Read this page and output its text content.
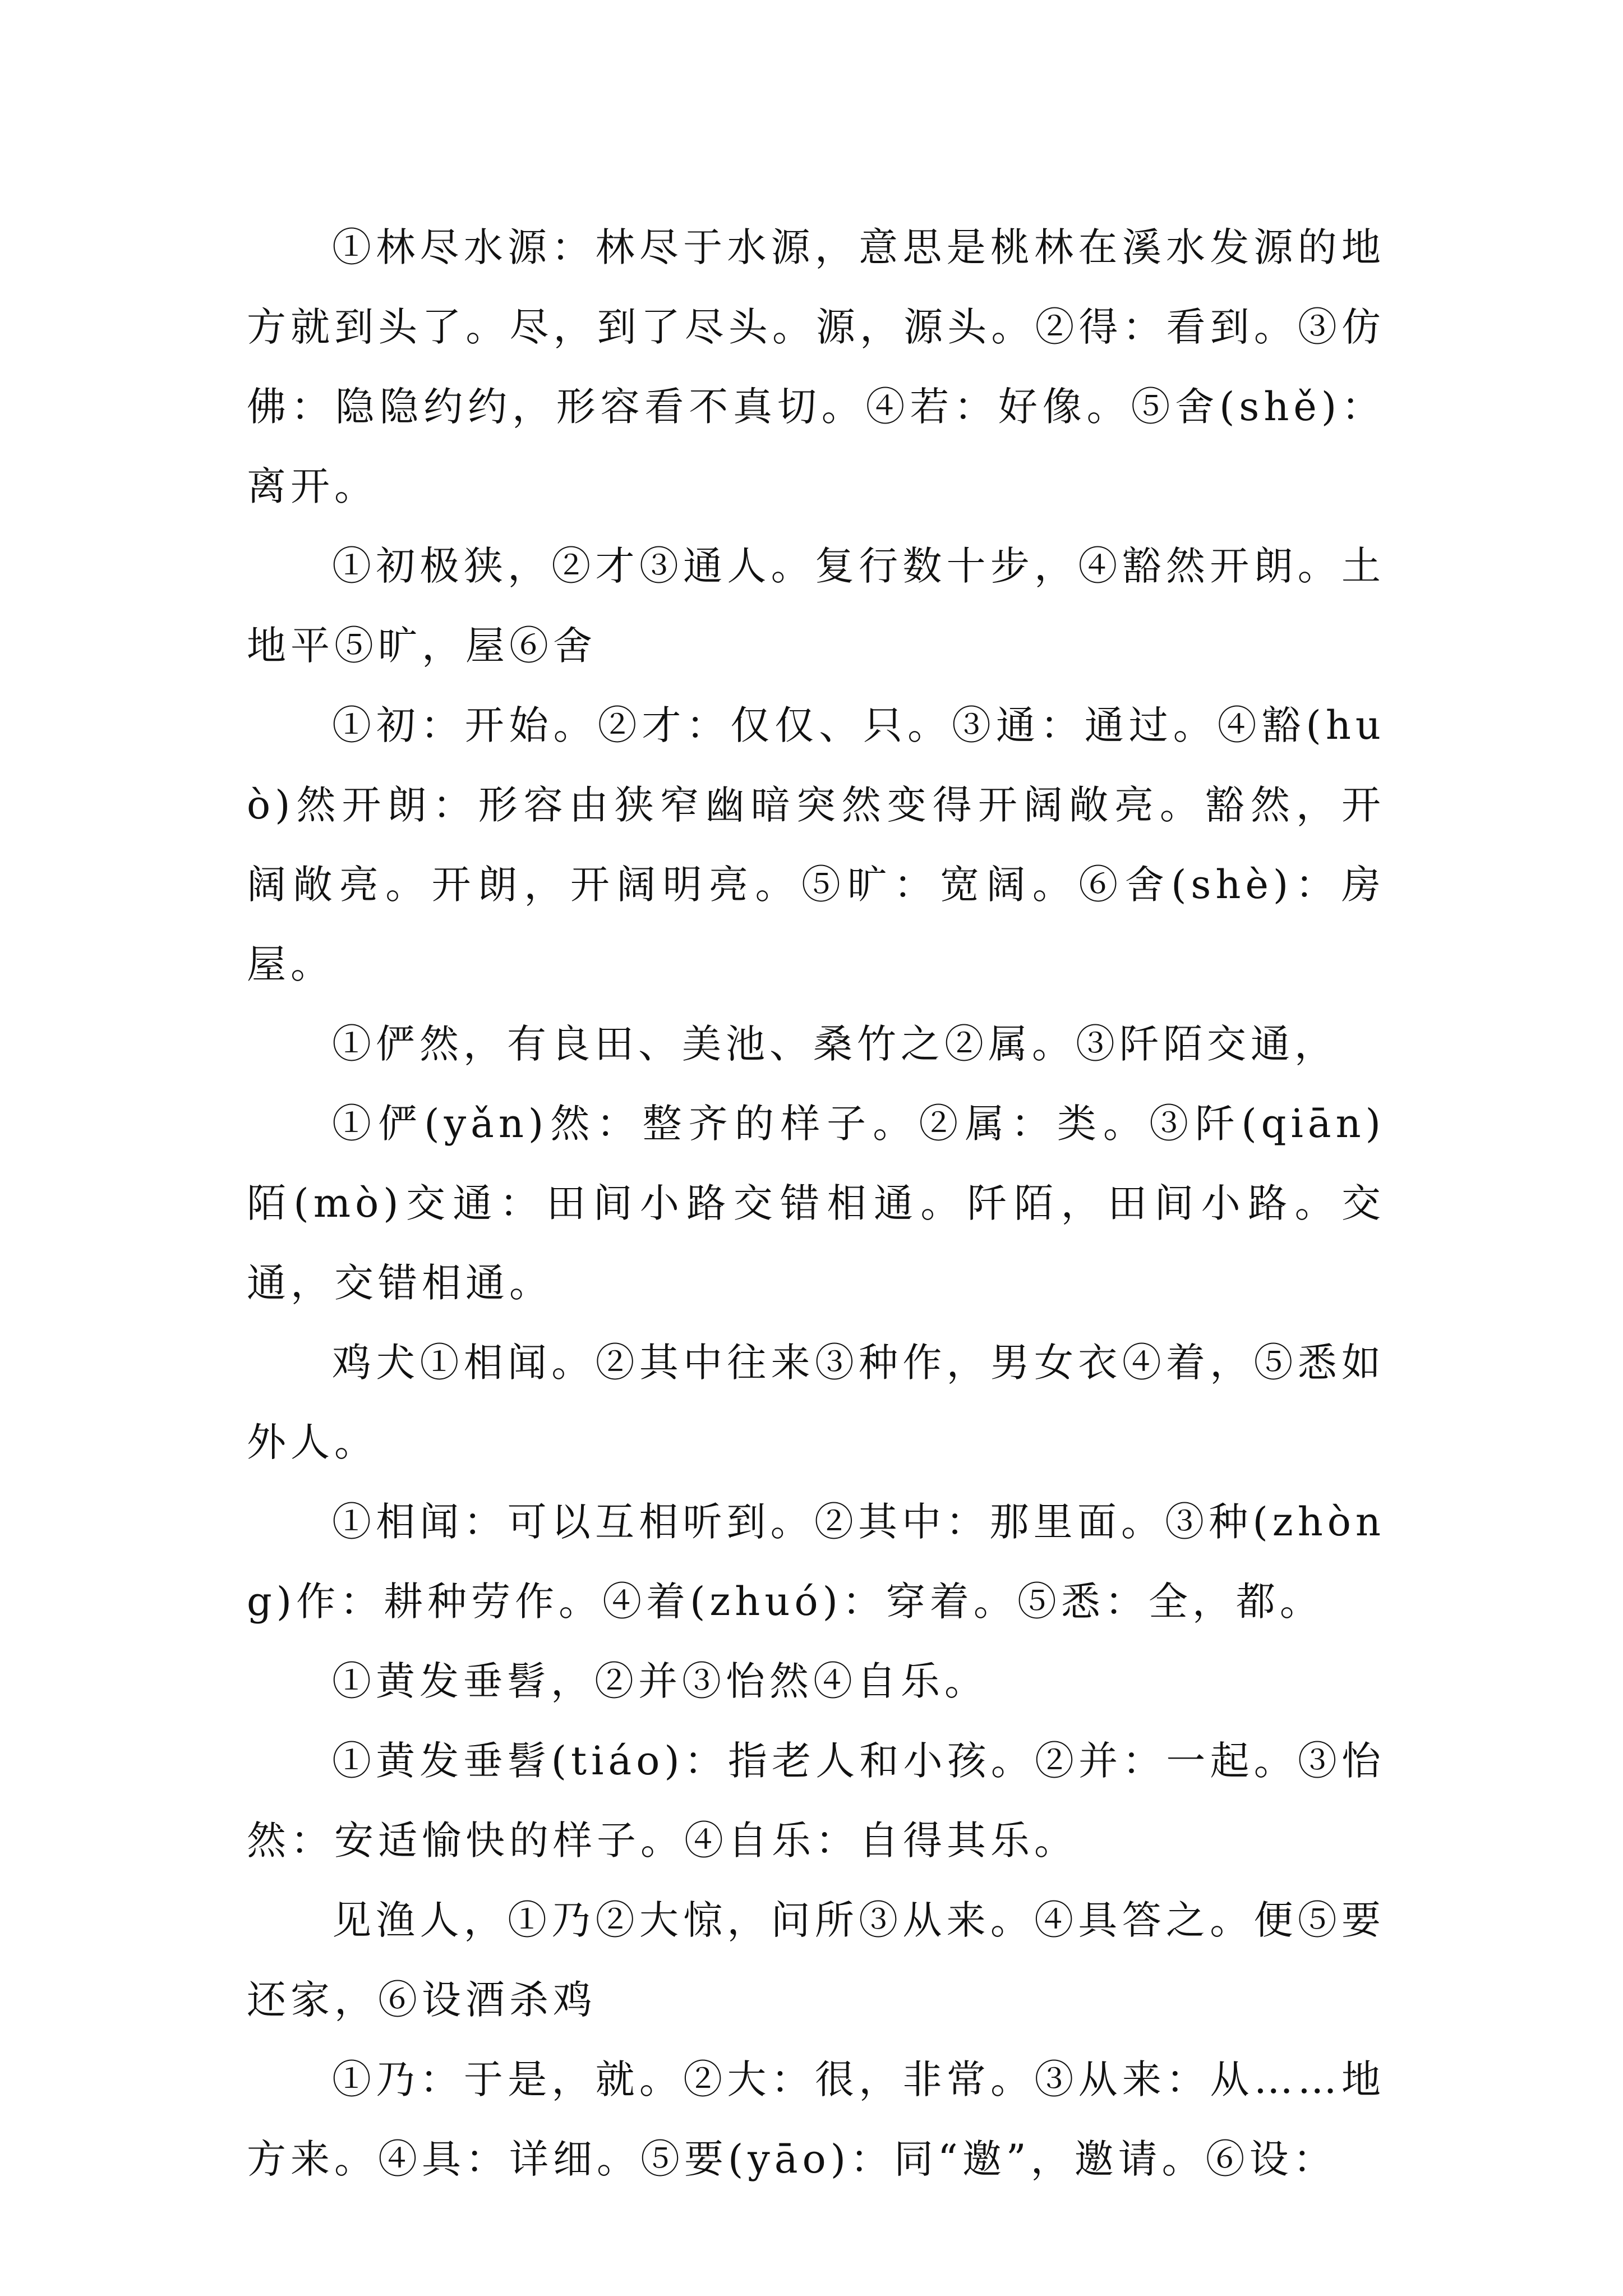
①林尽水源：林尽于水源，意思是桃林在溪水发源的地方就到头了。尽，到了尽头。源，源头。②得：看到。③仿佛：隐隐约约，形容看不真切。④若：好像。⑤舍(shě)：离开。

①初极狭，②才③通人。复行数十步，④豁然开朗。土地平⑤旷，屋⑥舍

①初：开始。②才：仅仅、只。③通：通过。④豁(huò)然开朗：形容由狭窄幽暗突然变得开阔敞亮。豁然，开阔敞亮。开朗，开阔明亮。⑤旷：宽阔。⑥舍(shè)：房屋。

①俨然，有良田、美池、桑竹之②属。③阡陌交通，

①俨(yǎn)然：整齐的样子。②属：类。③阡(qiān)陌(mò)交通：田间小路交错相通。阡陌，田间小路。交通，交错相通。

鸡犬①相闻。②其中往来③种作，男女衣④着，⑤悉如外人。

①相闻：可以互相听到。②其中：那里面。③种(zhòng)作：耕种劳作。④着(zhuó)：穿着。⑤悉：全，都。

①黄发垂髫，②并③怡然④自乐。

①黄发垂髫(tiáo)：指老人和小孩。②并：一起。③怡然：安适愉快的样子。④自乐：自得其乐。

见渔人，①乃②大惊，问所③从来。④具答之。便⑤要还家，⑥设酒杀鸡

①乃：于是，就。②大：很，非常。③从来：从……地方来。④具：详细。⑤要(yāo)：同“邀”，邀请。⑥设：
